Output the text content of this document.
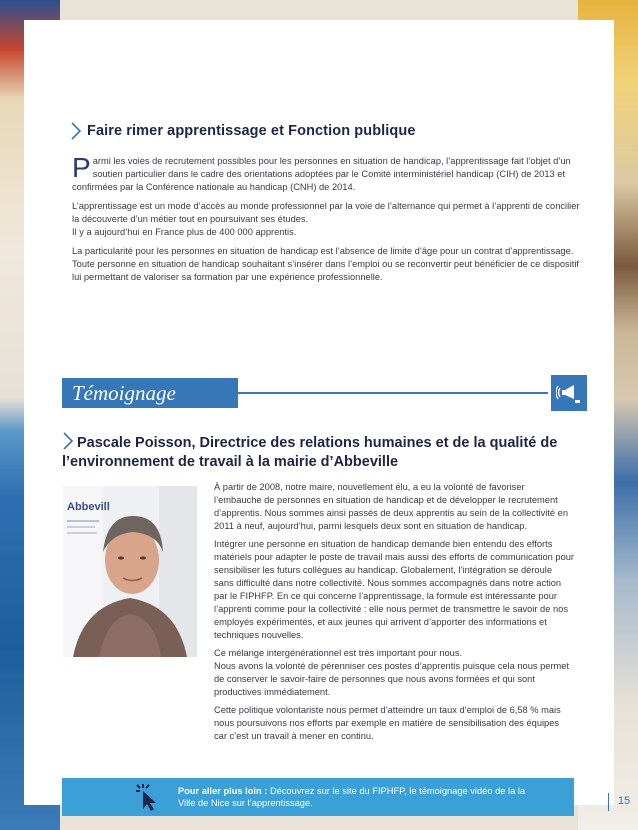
Faire rimer apprentissage et Fonction publique
Parmi les voies de recrutement possibles pour les personnes en situation de handicap, l’apprentissage fait l’objet d’un soutien particulier dans le cadre des orientations adoptées par le Comité interministériel handicap (CIH) de 2013 et confirmées par la Conférence nationale au handicap (CNH) de 2014.
L’apprentissage est un mode d’accès au monde professionnel par la voie de l’alternance qui permet à l’apprenti de concilier la découverte d’un métier tout en poursuivant ses études.
Il y a aujourd’hui en France plus de 400 000 apprentis.
La particularité pour les personnes en situation de handicap est l’absence de limite d’âge pour un contrat d’apprentissage. Toute personne en situation de handicap souhaitant s’insérer dans l’emploi ou se reconvertir peut bénéficier de ce dispositif lui permettant de valoriser sa formation par une expérience professionnelle.
Témoignage
Pascale Poisson, Directrice des relations humaines et de la qualité de l’environnement de travail à la mairie d’Abbeville
Abbevill
À partir de 2008, notre maire, nouvellement élu, a eu la volonté de favoriser l’embauche de personnes en situation de handicap et de développer le recrutement d’apprentis. Nous sommes ainsi passés de deux apprentis au sein de la collectivité en 2011 à neuf, aujourd’hui, parmi lesquels deux sont en situation de handicap.
Intégrer une personne en situation de handicap demande bien entendu des efforts matériels pour adapter le poste de travail mais aussi des efforts de communication pour sensibiliser les futurs collègues au handicap. Globalement, l’intégration se déroule sans difficulté dans notre collectivité. Nous sommes accompagnés dans notre action par le FIPHFP. En ce qui concerne l’apprentissage, la formule est intéressante pour l’apprenti comme pour la collectivité : elle nous permet de transmettre le savoir de nos employés expérimentés, et aux jeunes qui arrivent d’apporter des informations et techniques nouvelles.
Ce mélange intergénérationnel est très important pour nous.
Nous avons la volonté de pérenniser ces postes d’apprentis puisque cela nous permet de conserver le savoir-faire de personnes que nous avons formées et qui sont productives immédiatement.
Cette politique volontariste nous permet d’atteindre un taux d’emploi de 6,58 % mais nous poursuivons nos efforts par exemple en matière de sensibilisation des équipes car c’est un travail à mener en continu.
Pour aller plus loin : Découvrez sur le site du FIPHFP, le témoignage vidéo de la la Ville de Nice sur l’apprentissage.	15
